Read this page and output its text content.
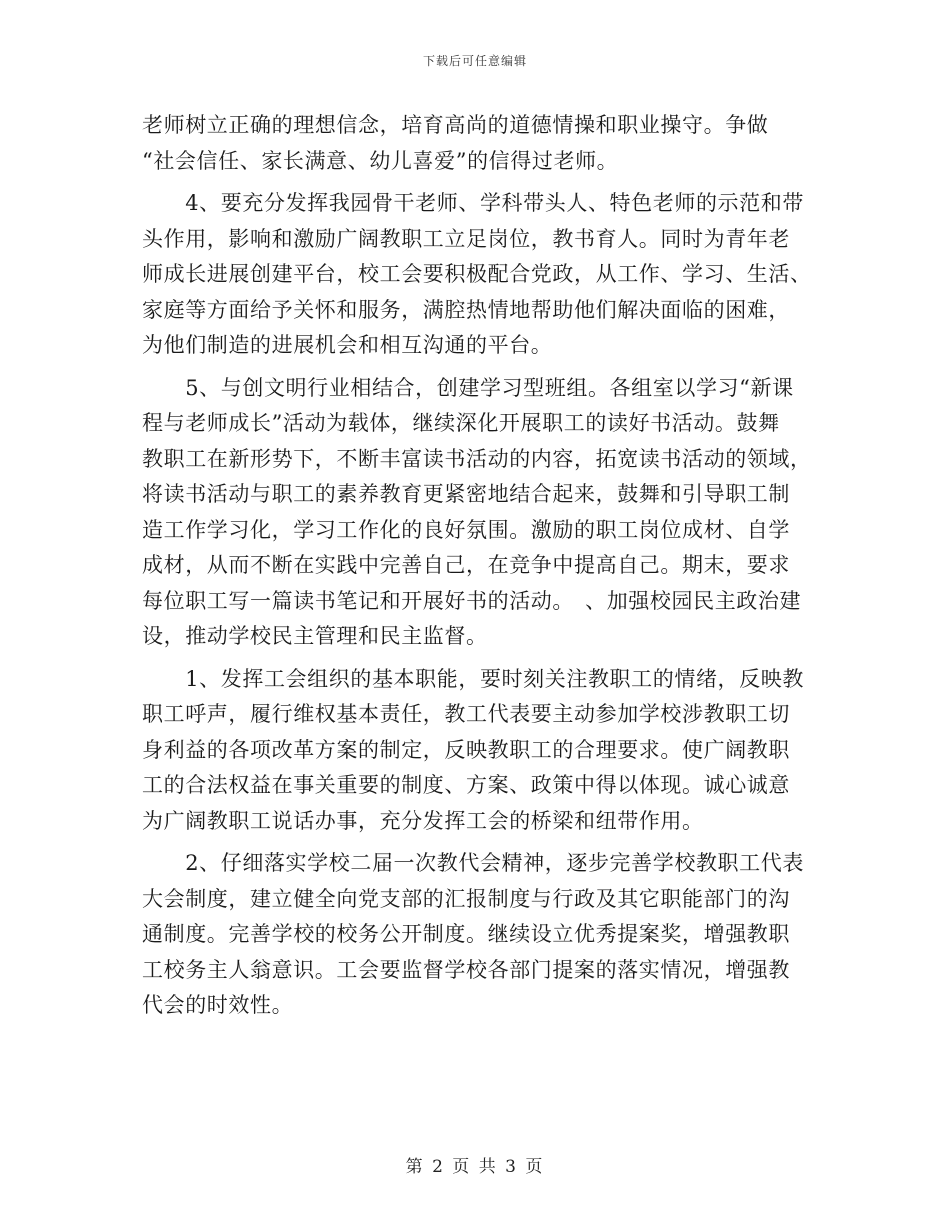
下载后可任意编辑
老师树立正确的理想信念，培育高尚的道德情操和职业操守。争做
“社会信任、家长满意、幼儿喜爱”的信得过老师。
　　4、要充分发挥我园骨干老师、学科带头人、特色老师的示范和带
头作用，影响和激励广阔教职工立足岗位，教书育人。同时为青年老
师成长进展创建平台，校工会要积极配合党政，从工作、学习、生活、
家庭等方面给予关怀和服务，满腔热情地帮助他们解决面临的困难，
为他们制造的进展机会和相互沟通的平台。
　　5、与创文明行业相结合，创建学习型班组。各组室以学习“新课
程与老师成长”活动为载体，继续深化开展职工的读好书活动。鼓舞
教职工在新形势下，不断丰富读书活动的内容，拓宽读书活动的领域，
将读书活动与职工的素养教育更紧密地结合起来，鼓舞和引导职工制
造工作学习化，学习工作化的良好氛围。激励的职工岗位成材、自学
成材，从而不断在实践中完善自己，在竞争中提高自己。期末，要求
每位职工写一篇读书笔记和开展好书的活动。　、加强校园民主政治建
设，推动学校民主管理和民主监督。
　　1、发挥工会组织的基本职能，要时刻关注教职工的情绪，反映教
职工呼声，履行维权基本责任，教工代表要主动参加学校涉教职工切
身利益的各项改革方案的制定，反映教职工的合理要求。使广阔教职
工的合法权益在事关重要的制度、方案、政策中得以体现。诚心诚意
为广阔教职工说话办事，充分发挥工会的桥梁和纽带作用。
　　2、仔细落实学校二届一次教代会精神，逐步完善学校教职工代表
大会制度，建立健全向党支部的汇报制度与行政及其它职能部门的沟
通制度。完善学校的校务公开制度。继续设立优秀提案奖，增强教职
工校务主人翁意识。工会要监督学校各部门提案的落实情况，增强教
代会的时效性。
第 2 页 共 3 页
